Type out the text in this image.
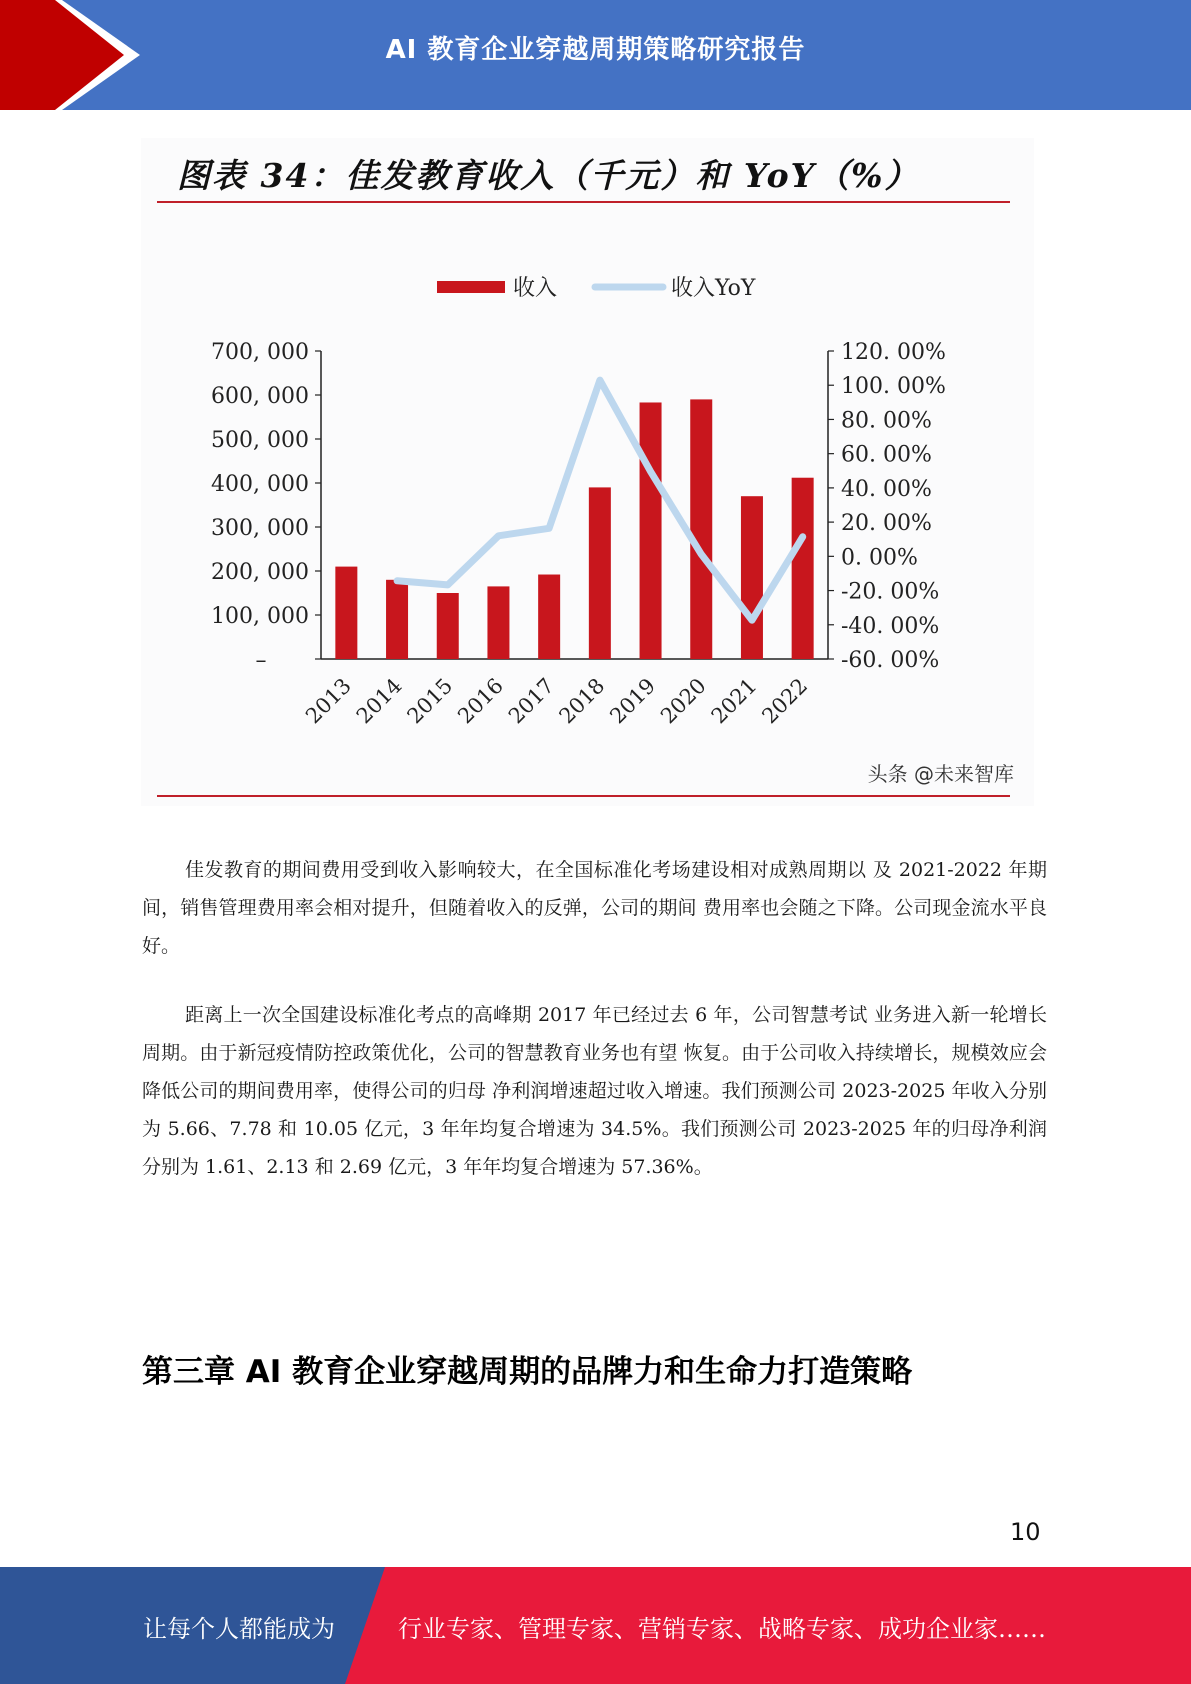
AI 教育企业穿越周期策略研究报告
图表 34：佳发教育收入（千元）和 YoY（%）
收入	收入YoY
–
100, 000
200, 000
300, 000
400, 000
500, 000
600, 000
700, 000
-60. 00%
-40. 00%
-20. 00%
0. 00%
20. 00%
40. 00%
60. 00%
80. 00%
100. 00%
120. 00%
2013
2014
2015
2016
2017
2018
2019
2020
2021
2022
头条 @未来智库

佳发教育的期间费用受到收入影响较大，在全国标准化考场建设相对成熟周期以 及 2021-2022 年期间，销售管理费用率会相对提升，但随着收入的反弹，公司的期间 费用率也会随之下降。公司现金流水平良好。

距离上一次全国建设标准化考点的高峰期 2017 年已经过去 6 年，公司智慧考试 业务进入新一轮增长周期。由于新冠疫情防控政策优化，公司的智慧教育业务也有望 恢复。由于公司收入持续增长，规模效应会降低公司的期间费用率，使得公司的归母 净利润增速超过收入增速。我们预测公司 2023-2025 年收入分别为 5.66、7.78 和 10.05 亿元，3 年年均复合增速为 34.5%。我们预测公司 2023-2025 年的归母净利润 分别为 1.61、2.13 和 2.69 亿元，3 年年均复合增速为 57.36%。

第三章 AI 教育企业穿越周期的品牌力和生命力打造策略
10
让每个人都能成为	行业专家、管理专家、营销专家、战略专家、成功企业家……
